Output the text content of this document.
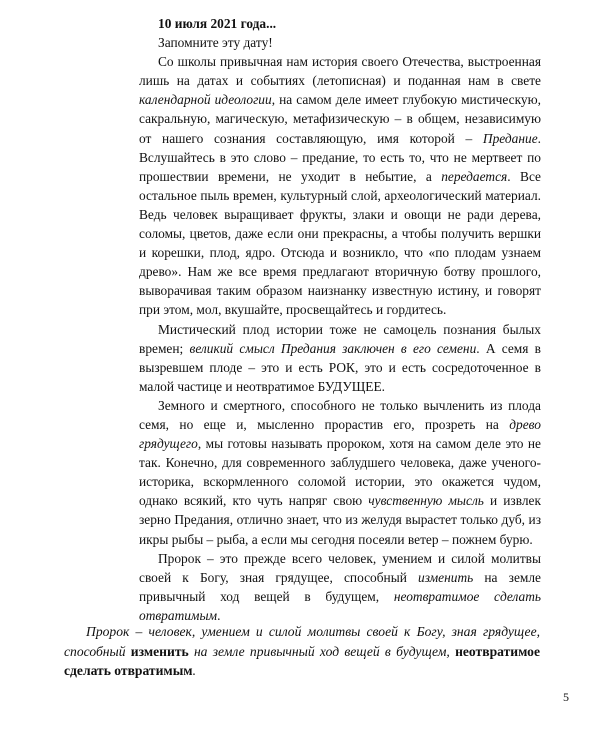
10 июля 2021 года...

Запомните эту дату!

Со школы привычная нам история своего Отечества, выстроенная лишь на датах и событиях (летописная) и поданная нам в свете календарной идеологии, на самом деле имеет глубокую мистическую, сакральную, магическую, метафизическую – в общем, независимую от нашего сознания составляющую, имя которой – Предание. Вслушайтесь в это слово – предание, то есть то, что не мертвеет по прошествии времени, не уходит в небытие, а передается. Все остальное пыль времен, культурный слой, археологический материал. Ведь человек выращивает фрукты, злаки и овощи не ради дерева, соломы, цветов, даже если они прекрасны, а чтобы получить вершки и корешки, плод, ядро. Отсюда и возникло, что «по плодам узнаем древо». Нам же все время предлагают вторичную ботву прошлого, выворачивая таким образом наизнанку известную истину, и говорят при этом, мол, вкушайте, просвещайтесь и гордитесь.

Мистический плод истории тоже не самоцель познания былых времен; великий смысл Предания заключен в его семени. А семя в вызревшем плоде – это и есть РОК, это и есть сосредоточенное в малой частице и неотвратимое БУДУЩЕЕ.

Земного и смертного, способного не только вычленить из плода семя, но еще и, мысленно прорастив его, прозреть на древо грядущего, мы готовы называть пророком, хотя на самом деле это не так. Конечно, для современного заблудшего человека, даже ученого-историка, вскормленного соломой истории, это окажется чудом, однако всякий, кто чуть напряг свою чувственную мысль и извлек зерно Предания, отлично знает, что из желудя вырастет только дуб, из икры рыбы – рыба, а если мы сегодня посеяли ветер – пожнем бурю.

Пророк – это прежде всего человек, умением и силой молитвы своей к Богу, зная грядущее, способный изменить на земле привычный ход вещей в будущем, неотвратимое сделать отвратимым.

Пророк – человек, умением и силой молитвы своей к Богу, зная грядущее, способный изменить на земле привычный ход вещей в будущем, неотвратимое сделать отвратимым.

5
